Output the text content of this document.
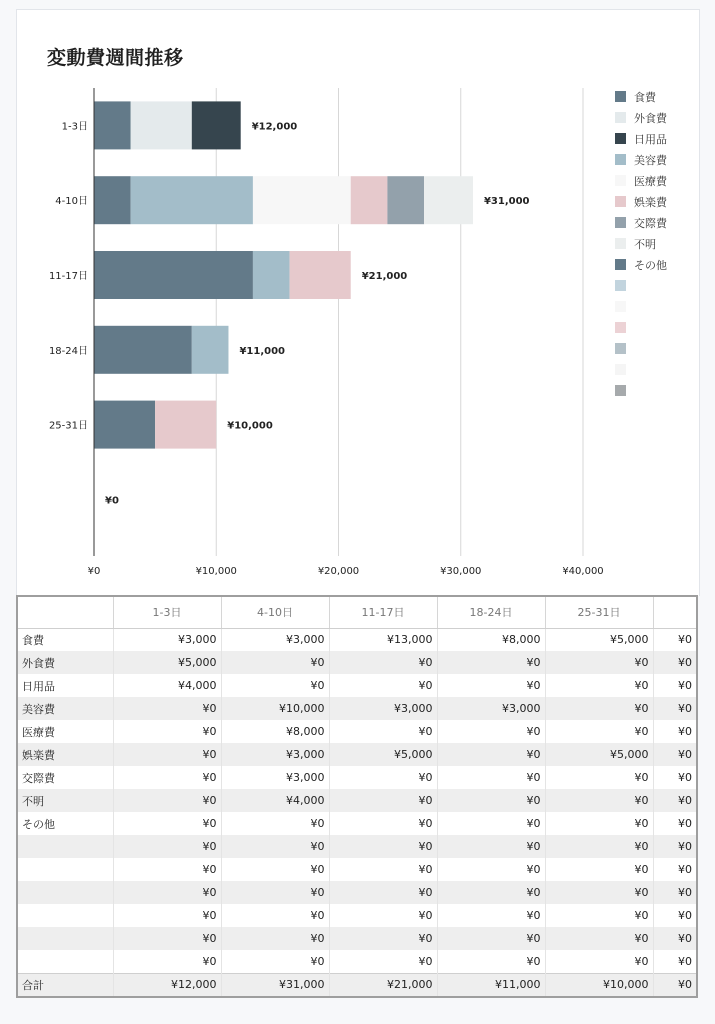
¥12,000
1-3日
¥31,000
4-10日
¥21,000
11-17日
¥11,000
18-24日
¥10,000
25-31日
¥0
¥0	¥10,000	¥20,000	¥30,000	¥40,000
変動費週間推移
食費
外食費
日用品
美容費
医療費
娯楽費
交際費
不明
その他
	1-3日	4-10日	11-17日	18-24日	25-31日	
食費	¥3,000	¥3,000	¥13,000	¥8,000	¥5,000	¥0
外食費	¥5,000	¥0	¥0	¥0	¥0	¥0
日用品	¥4,000	¥0	¥0	¥0	¥0	¥0
美容費	¥0	¥10,000	¥3,000	¥3,000	¥0	¥0
医療費	¥0	¥8,000	¥0	¥0	¥0	¥0
娯楽費	¥0	¥3,000	¥5,000	¥0	¥5,000	¥0
交際費	¥0	¥3,000	¥0	¥0	¥0	¥0
不明	¥0	¥4,000	¥0	¥0	¥0	¥0
その他	¥0	¥0	¥0	¥0	¥0	¥0
	¥0	¥0	¥0	¥0	¥0	¥0
	¥0	¥0	¥0	¥0	¥0	¥0
	¥0	¥0	¥0	¥0	¥0	¥0
	¥0	¥0	¥0	¥0	¥0	¥0
	¥0	¥0	¥0	¥0	¥0	¥0
	¥0	¥0	¥0	¥0	¥0	¥0
合計	¥12,000	¥31,000	¥21,000	¥11,000	¥10,000	¥0
